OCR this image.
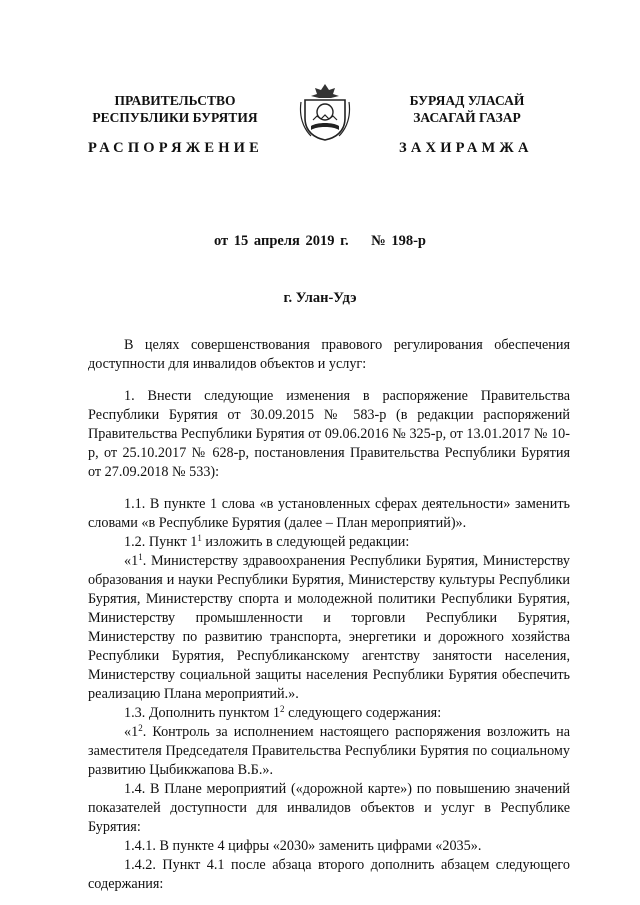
ПРАВИТЕЛЬСТВО
РЕСПУБЛИКИ БУРЯТИЯ
БУРЯАД УЛАСАЙ
ЗАСАГАЙ ГАЗАР
РАСПОРЯЖЕНИЕ	ЗАХИРАМЖА
от 15 апреля 2019 г. № 198-р
г. Улан-Удэ

В целях совершенствования правового регулирования обеспечения доступности для инвалидов объектов и услуг:

1. Внести следующие изменения в распоряжение Правительства Республики Бурятия от 30.09.2015 № 583-р (в редакции распоряжений Правительства Республики Бурятия от 09.06.2016 № 325-р, от 13.01.2017 № 10-р, от 25.10.2017 № 628-р, постановления Правительства Республики Бурятия от 27.09.2018 № 533):

1.1. В пункте 1 слова «в установленных сферах деятельности» заменить словами «в Республике Бурятия (далее – План мероприятий)».

1.2. Пункт $1^1$ изложить в следующей редакции:

«$1^1$. Министерству здравоохранения Республики Бурятия, Министерству образования и науки Республики Бурятия, Министерству культуры Республики Бурятия, Министерству спорта и молодежной политики Республики Бурятия, Министерству промышленности и торговли Республики Бурятия, Министерству по развитию транспорта, энергетики и дорожного хозяйства Республики Бурятия, Республиканскому агентству занятости населения, Министерству социальной защиты населения Республики Бурятия обеспечить реализацию Плана мероприятий.».

1.3. Дополнить пунктом $1^2$ следующего содержания:

«$1^2$. Контроль за исполнением настоящего распоряжения возложить на заместителя Председателя Правительства Республики Бурятия по социальному развитию Цыбикжапова В.Б.».

1.4. В Плане мероприятий («дорожной карте») по повышению значений показателей доступности для инвалидов объектов и услуг в Республике Бурятия:

1.4.1. В пункте 4 цифры «2030» заменить цифрами «2035».

1.4.2. Пункт 4.1 после абзаца второго дополнить абзацем следующего содержания:
